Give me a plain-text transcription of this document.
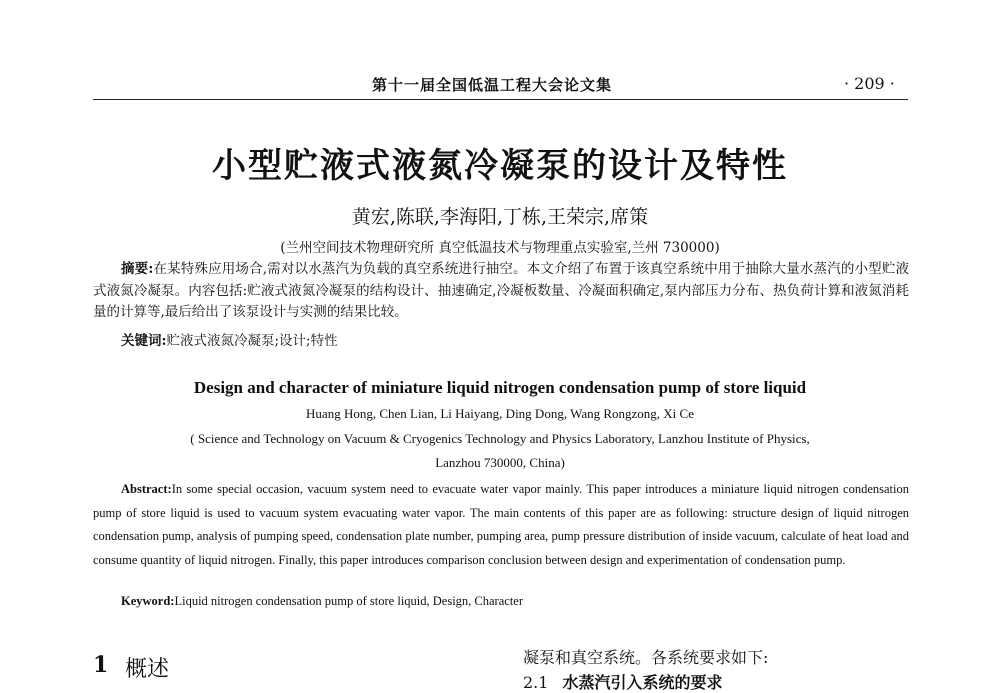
第十一届全国低温工程大会论文集	· 209 ·
小型贮液式液氮冷凝泵的设计及特性
黄宏,陈联,李海阳,丁栋,王荣宗,席策
(兰州空间技术物理研究所 真空低温技术与物理重点实验室,兰州 730000)
摘要:在某特殊应用场合,需对以水蒸汽为负载的真空系统进行抽空。本文介绍了布置于该真空系统中用于抽除大量水蒸汽的小型贮液式液氮冷凝泵。内容包括:贮液式液氮冷凝泵的结构设计、抽速确定,冷凝板数量、冷凝面积确定,泵内部压力分布、热负荷计算和液氮消耗量的计算等,最后给出了该泵设计与实测的结果比较。
关键词:贮液式液氮冷凝泵;设计;特性
Design and character of miniature liquid nitrogen condensation pump of store liquid
Huang Hong, Chen Lian, Li Haiyang, Ding Dong, Wang Rongzong, Xi Ce
( Science and Technology on Vacuum & Cryogenics Technology and Physics Laboratory, Lanzhou Institute of Physics,
Lanzhou 730000, China)
Abstract:In some special occasion, vacuum system need to evacuate water vapor mainly. This paper introduces a miniature liquid nitrogen condensation pump of store liquid is used to vacuum system evacuating water vapor. The main contents of this paper are as following: structure design of liquid nitrogen condensation pump, analysis of pumping speed, condensation plate number, pumping area, pump pressure distribution of inside vacuum, calculate of heat load and consume quantity of liquid nitrogen. Finally, this paper introduces comparison conclusion between design and experimentation of condensation pump.
Keyword:Liquid nitrogen condensation pump of store liquid, Design, Character
1 概述	凝泵和真空系统。各系统要求如下:
2.1 水蒸汽引入系统的要求
